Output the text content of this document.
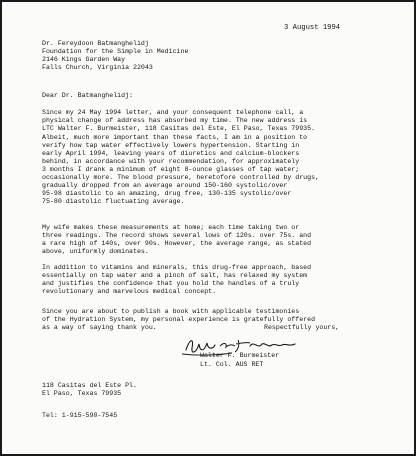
3 August 1994
Dr. Fereydoon Batmanghelidj
Foundation for the Simple in Medicine
2146 Kings Garden Way
Falls Church, Virginia 22043
Dear Dr. Batmanghelidj:
Since my 24 May 1994 letter, and your consequent telephone call, a
physical change of address has absorbed my time. The new address is
LTC Walter F. Burmeister, 118 Casitas del Este, El Paso, Texas 79935.
Albeit, much more important than these facts, I am in a position to
verify how tap water effectively lowers hypertension. Starting in
early April 1994, leaving years of diuretics and calcium-blockers
behind, in accordance with your recommendation, for approximately
3 months I drank a minimum of eight 8-ounce glasses of tap water;
occasionally more. The blood pressure, heretofore controlled by drugs,
gradually dropped from an average around 150-160 systolic/over
95-98 diastolic to an amazing, drug free, 130-135 systolic/over
75-80 diastolic fluctuating average.
My wife makes these measurements at home; each time taking two or
three readings. The record shows several lows of 120s. over 75s. and
a rare high of 140s, over 90s. However, the average range, as stated
above, uniformly dominates.
In addition to vitamins and minerals, this drug-free approach, based
essentially on tap water and a pinch of salt, has relaxed my system
and justifies the confidence that you hold the handles of a truly
revolutionary and marvelous medical concept.
Since you are about to publish a book with applicable testimonies
of the Hydration System, my personal experience is gratefully offered
as a way of saying thank you.	Respectfully yours,
Walter F. Burmeister
Lt. Col. AUS RET
118 Casitas del Este Pl.
El Paso, Texas 79935
Tel: 1-915-590-7545
